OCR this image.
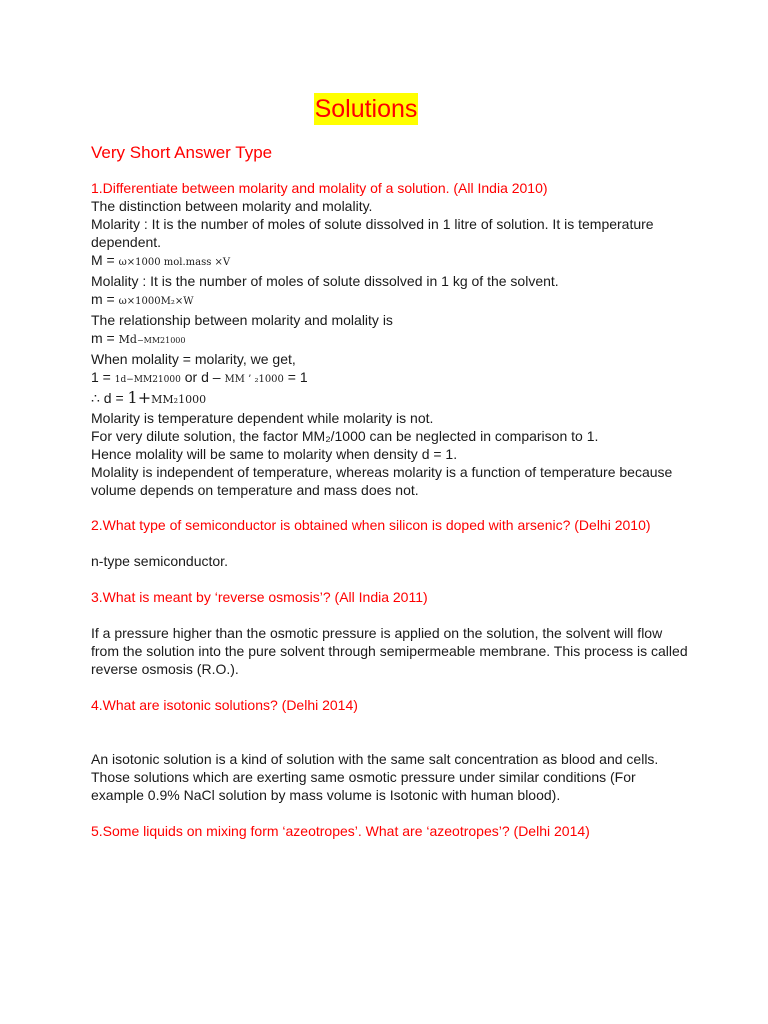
Solutions

Very Short Answer Type

1.Differentiate between molarity and molality of a solution. (All India 2010)

The distinction between molarity and molality.

Molarity : It is the number of moles of solute dissolved in 1 litre of solution. It is temperature dependent.

M = ω×1000 mol.mass ×V

Molality : It is the number of moles of solute dissolved in 1 kg of the solvent.

m = ω×1000M₂×W

The relationship between molarity and molality is

m = Md−MM21000

When molality = molarity, we get,

1 = 1d−MM21000 or d – MM ’ ₂1000 = 1

∴ d = 1+MM₂1000

Molarity is temperature dependent while molarity is not.

For very dilute solution, the factor MM₂/1000 can be neglected in comparison to 1.

Hence molality will be same to molarity when density d = 1.

Molality is independent of temperature, whereas molarity is a function of temperature because volume depends on temperature and mass does not.

2.What type of semiconductor is obtained when silicon is doped with arsenic? (Delhi 2010)

n-type semiconductor.

3.What is meant by ‘reverse osmosis’? (All India 2011)

If a pressure higher than the osmotic pressure is applied on the solution, the solvent will flow from the solution into the pure solvent through semipermeable membrane. This process is called reverse osmosis (R.O.).

4.What are isotonic solutions? (Delhi 2014)

An isotonic solution is a kind of solution with the same salt concentration as blood and cells. Those solutions which are exerting same osmotic pressure under similar conditions (For example 0.9% NaCl solution by mass volume is Isotonic with human blood).

5.Some liquids on mixing form ‘azeotropes’. What are ‘azeotropes’? (Delhi 2014)
